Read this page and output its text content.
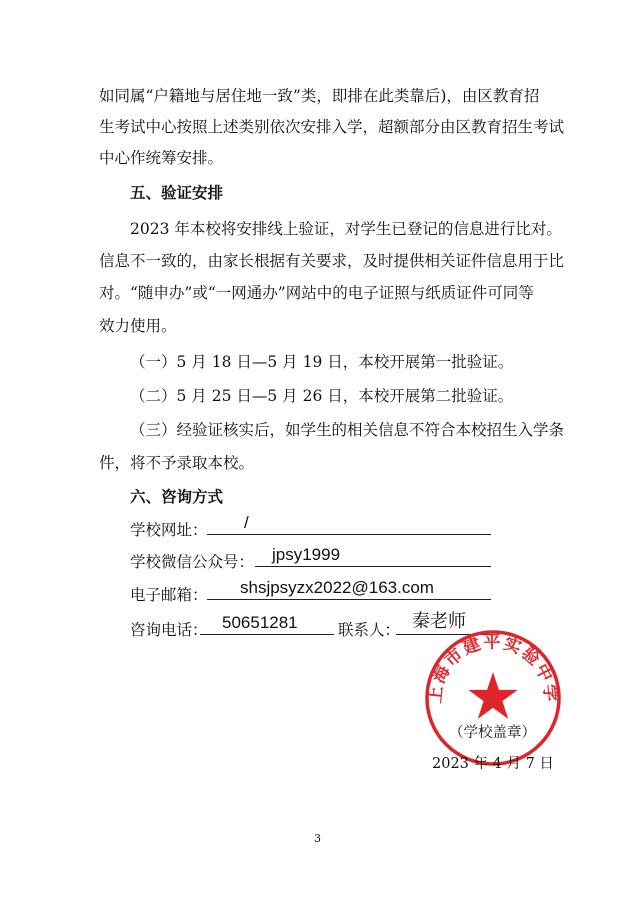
如同属“户籍地与居住地一致”类，即排在此类靠后)，由区教育招
生考试中心按照上述类别依次安排入学，超额部分由区教育招生考试
中心作统筹安排。
五、验证安排
2023 年本校将安排线上验证，对学生已登记的信息进行比对。
信息不一致的，由家长根据有关要求，及时提供相关证件信息用于比
对。“随申办”或“一网通办”网站中的电子证照与纸质证件可同等
效力使用。
（一）5 月 18 日—5 月 19 日，本校开展第一批验证。
（二）5 月 25 日—5 月 26 日，本校开展第二批验证。
（三）经验证核实后，如学生的相关信息不符合本校招生入学条
件，将不予录取本校。
六、咨询方式
学校网址： /
学校微信公众号： jpsy1999
电子邮箱： shsjpsyzx2022@163.com
咨询电话： 50651281	联系人： 秦老师
上海市建平实验中学
（学校盖章）
2023 年 4 月 7 日
3
